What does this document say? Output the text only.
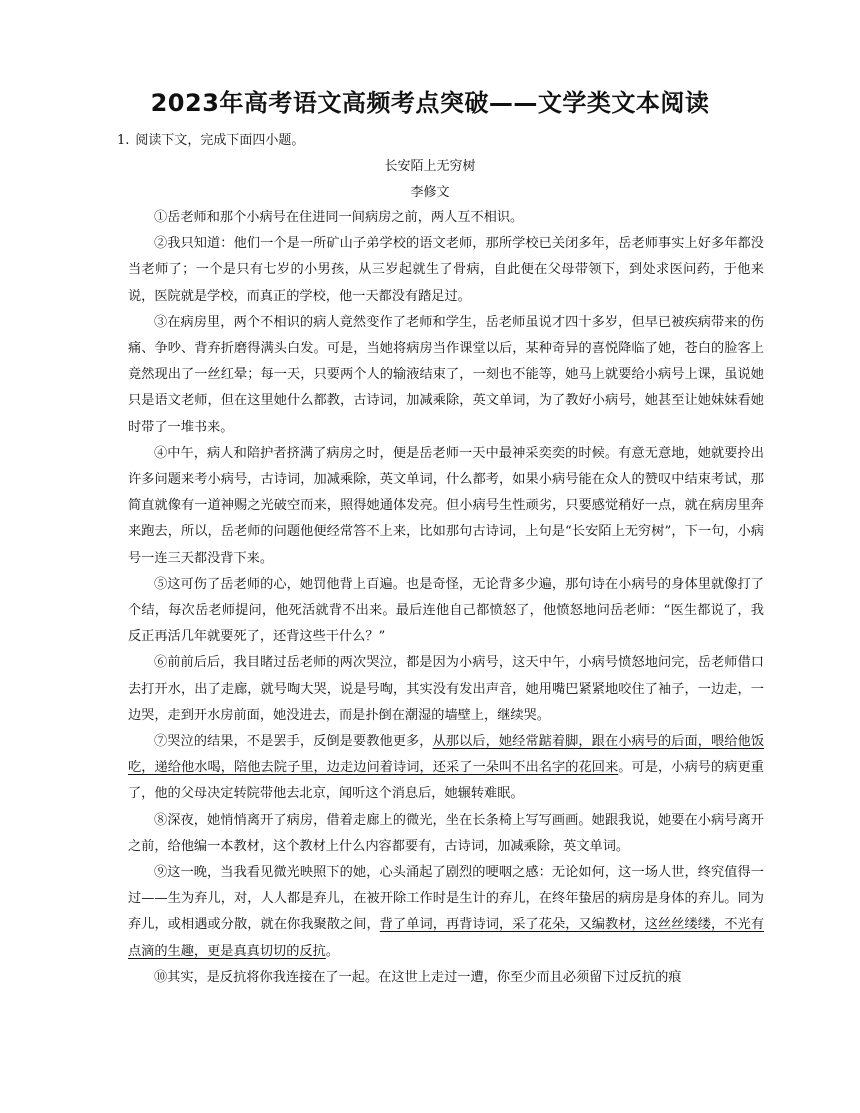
2023年高考语文高频考点突破——文学类文本阅读
1. 阅读下文，完成下面四小题。
长安陌上无穷树
李修文

①岳老师和那个小病号在住进同一间病房之前，两人互不相识。

②我只知道：他们一个是一所矿山子弟学校的语文老师，那所学校已关闭多年，岳老师事实上好多年都没当老师了；一个是只有七岁的小男孩，从三岁起就生了骨病，自此便在父母带领下，到处求医问药，于他来说，医院就是学校，而真正的学校，他一天都没有踏足过。

③在病房里，两个不相识的病人竟然变作了老师和学生，岳老师虽说才四十多岁，但早已被疾病带来的伤痛、争吵、背弃折磨得满头白发。可是，当她将病房当作课堂以后，某种奇异的喜悦降临了她，苍白的脸客上竟然现出了一丝红晕；每一天，只要两个人的输液结束了，一刻也不能等，她马上就要给小病号上课，虽说她只是语文老师，但在这里她什么都教，古诗词，加减乘除，英文单词，为了教好小病号，她甚至让她妹妹看她时带了一堆书来。

④中午，病人和陪护者挤满了病房之时，便是岳老师一天中最神采奕奕的时候。有意无意地，她就要拎出许多问题来考小病号，古诗词，加减乘除，英文单词，什么都考，如果小病号能在众人的赞叹中结束考试，那简直就像有一道神赐之光破空而来，照得她通体发亮。但小病号生性顽劣，只要感觉稍好一点，就在病房里奔来跑去，所以，岳老师的问题他便经常答不上来，比如那句古诗词，上句是“长安陌上无穷树”，下一句，小病号一连三天都没背下来。

⑤这可伤了岳老师的心，她罚他背上百遍。也是奇怪，无论背多少遍，那句诗在小病号的身体里就像打了个结，每次岳老师提问，他死活就背不出来。最后连他自己都愤怒了，他愤怒地问岳老师：“医生都说了，我反正再活几年就要死了，还背这些干什么？”

⑥前前后后，我目睹过岳老师的两次哭泣，都是因为小病号，这天中午，小病号愤怒地问完，岳老师借口去打开水，出了走廊，就号啕大哭，说是号啕，其实没有发出声音，她用嘴巴紧紧地咬住了袖子，一边走，一边哭，走到开水房前面，她没进去，而是扑倒在潮湿的墙壁上，继续哭。

⑦哭泣的结果，不是罢手，反倒是要教他更多，从那以后，她经常踮着脚，跟在小病号的后面，喂给他饭吃，递给他水喝，陪他去院子里，边走边问着诗词，还采了一朵叫不出名字的花回来。可是，小病号的病更重了，他的父母决定转院带他去北京，闻听这个消息后，她辗转难眠。

⑧深夜，她悄悄离开了病房，借着走廊上的微光，坐在长条椅上写写画画。她跟我说，她要在小病号离开之前，给他编一本教材，这个教材上什么内容都要有，古诗词，加减乘除，英文单词。

⑨这一晚，当我看见微光映照下的她，心头涌起了剧烈的哽咽之感：无论如何，这一场人世，终究值得一过——生为弃儿，对，人人都是弃儿，在被开除工作时是生计的弃儿，在终年蛰居的病房是身体的弃儿。同为弃儿，或相遇或分散，就在你我聚散之间，背了单词，再背诗词，采了花朵，又编教材，这丝丝缕缕，不光有点滴的生趣，更是真真切切的反抗。

⑩其实，是反抗将你我连接在了一起。在这世上走过一遭，你至少而且必须留下过反抗的痕
